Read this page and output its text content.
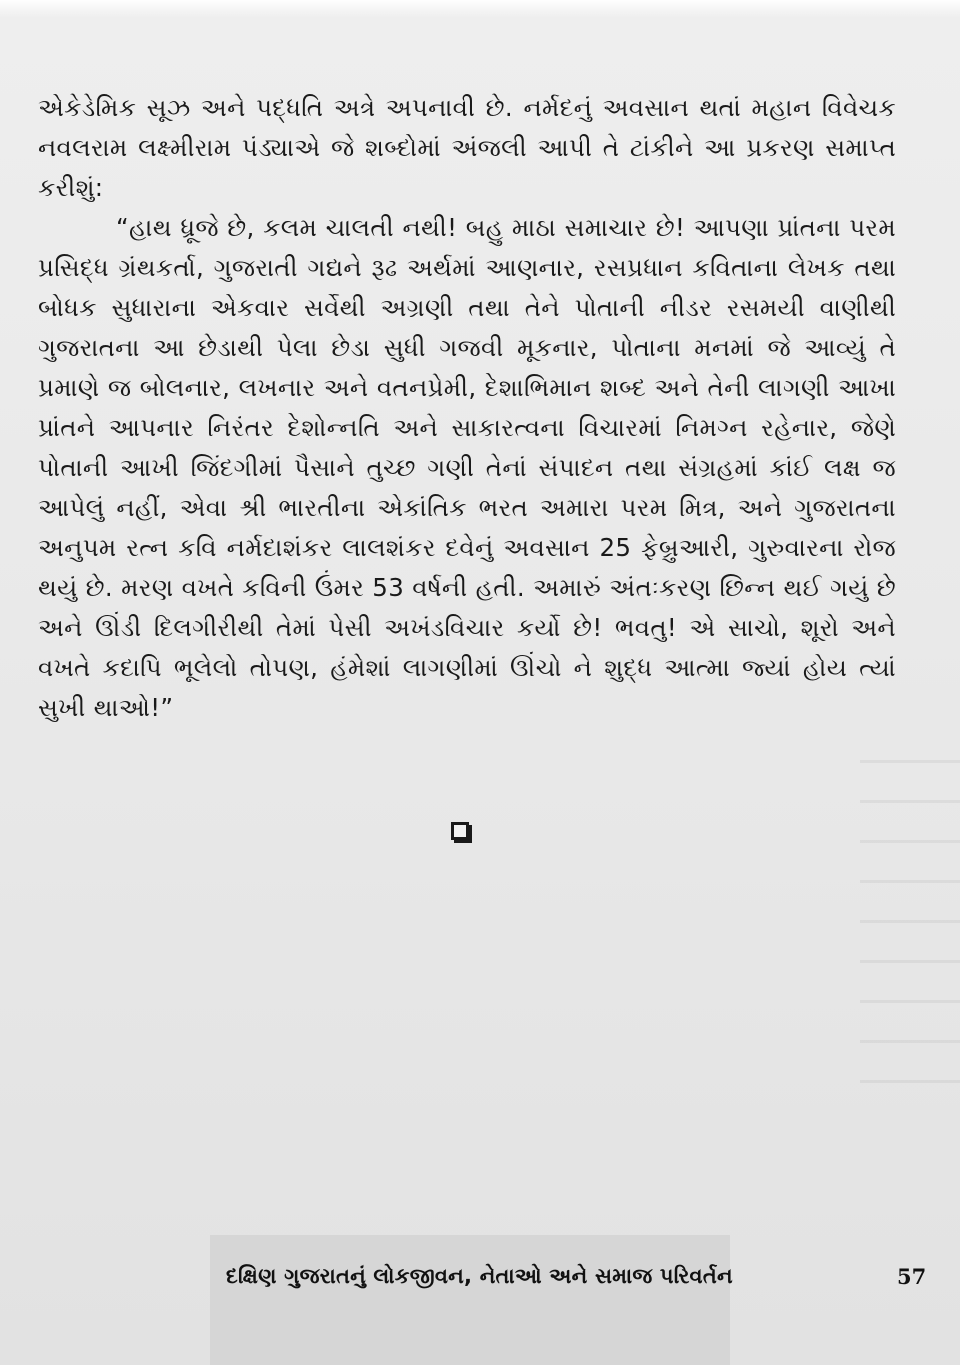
એકેડેમિક સૂઝ અને પદ્ધતિ અત્રે અપનાવી છે. નર્મદનું અવસાન થતાં મહાન વિવેચક નવલરામ લક્ષ્મીરામ પંડ્યાએ જે શબ્દોમાં અંજલી આપી તે ટાંકીને આ પ્રકરણ સમાપ્ત કરીશું:

“હાથ ધ્રૂજે છે, કલમ ચાલતી નથી! બહુ માઠા સમાચાર છે! આપણા પ્રાંતના પરમ પ્રસિદ્ધ ગ્રંથકર્તા, ગુજરાતી ગદ્યને રૂઢ અર્થમાં આણનાર, રસપ્રધાન કવિતાના લેખક તથા બોધક સુધારાના એકવાર સર્વેથી અગ્રણી તથા તેને પોતાની નીડર રસમયી વાણીથી ગુજરાતના આ છેડાથી પેલા છેડા સુધી ગજવી મૂકનાર, પોતાના મનમાં જે આવ્યું તે પ્રમાણે જ બોલનાર, લખનાર અને વતનપ્રેમી, દેશાભિમાન શબ્દ અને તેની લાગણી આખા પ્રાંતને આપનાર નિરંતર દેશોન્નતિ અને સાકારત્વના વિચારમાં નિમગ્ન રહેનાર, જેણે પોતાની આખી જિંદગીમાં પૈસાને તુચ્છ ગણી તેનાં સંપાદન તથા સંગ્રહમાં કાંઈ લક્ષ જ આપેલું નહીં, એવા શ્રી ભારતીના એકાંતિક ભરત અમારા પરમ મિત્ર, અને ગુજરાતના અનુપમ રત્ન કવિ નર્મદાશંકર લાલશંકર દવેનું અવસાન 25 ફેબ્રુઆરી, ગુરુવારના રોજ થયું છે. મરણ વખતે કવિની ઉંમર 53 વર્ષની હતી. અમારું અંતઃકરણ છિન્ન થઈ ગયું છે અને ઊંડી દિલગીરીથી તેમાં પેસી અખંડવિચાર કર્યો છે! ભવતુ! એ સાચો, શૂરો અને વખતે કદાપિ ભૂલેલો તોપણ, હંમેશાં લાગણીમાં ઊંચો ને શુદ્ધ આત્મા જ્યાં હોય ત્યાં સુખી થાઓ!”

દક્ષિણ ગુજરાતનું લોકજીવન, નેતાઓ અને સમાજ પરિવર્તન	57
